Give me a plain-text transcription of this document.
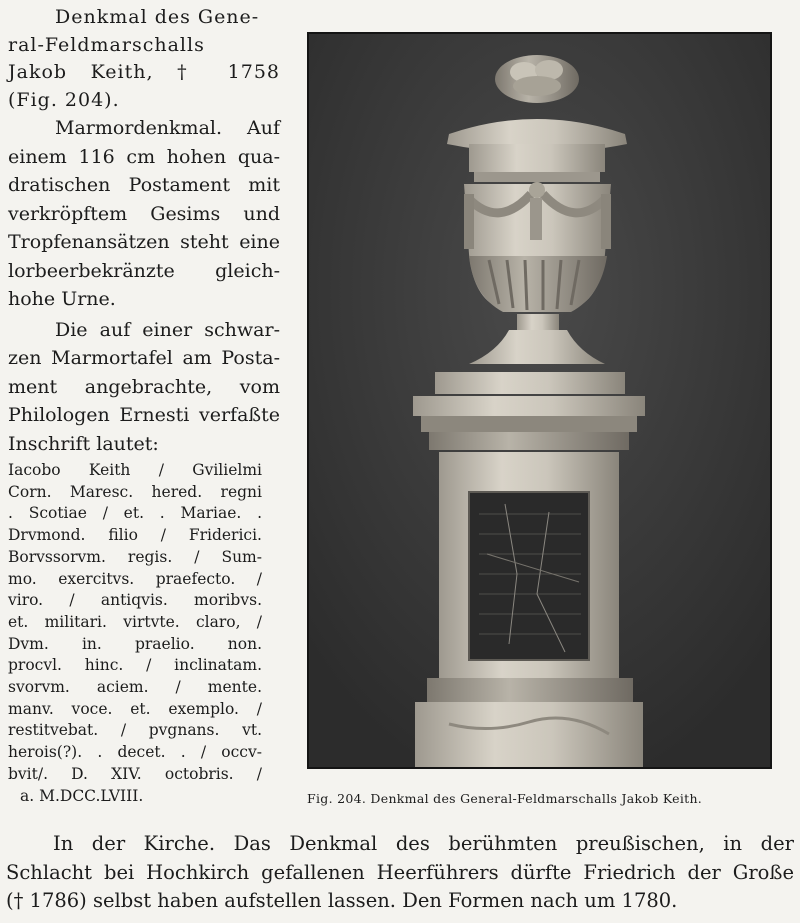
Denkmal des Gene-
ral-Feldmarschalls
Jakob Keith, † 1758
(Fig. 204).
Marmordenkmal. Auf
einem 116 cm hohen qua-
dratischen Postament mit
verkröpftem Gesims und
Tropfenansätzen steht eine
lorbeerbekränzte gleich-
hohe Urne.
Die auf einer schwar-
zen Marmortafel am Posta-
ment angebrachte, vom
Philologen Ernesti verfaßte
Inschrift lautet:
Iacobo Keith / Gvilielmi
Corn. Maresc. hered. regni
. Scotiae / et. . Mariae. .
Drvmond. filio / Friderici.
Borvssorvm. regis. / Sum-
mo. exercitvs. praefecto. /
viro. / antiqvis. moribvs.
et. militari. virtvte. claro, /
Dvm. in. praelio. non.
procvl. hinc. / inclinatam.
svorvm. aciem. / mente.
manv. voce. et. exemplo. /
restitvebat. / pvgnans. vt.
herois(?). . decet. . / occv-
bvit/. D. XIV. octobris. /
a. M.DCC.LVIII.	Fig. 204. Denkmal des General-Feldmarschalls Jakob Keith.
In der Kirche. Das Denkmal des berühmten preußischen, in der
Schlacht bei Hochkirch gefallenen Heerführers dürfte Friedrich der Große
(† 1786) selbst haben aufstellen lassen. Den Formen nach um 1780.
